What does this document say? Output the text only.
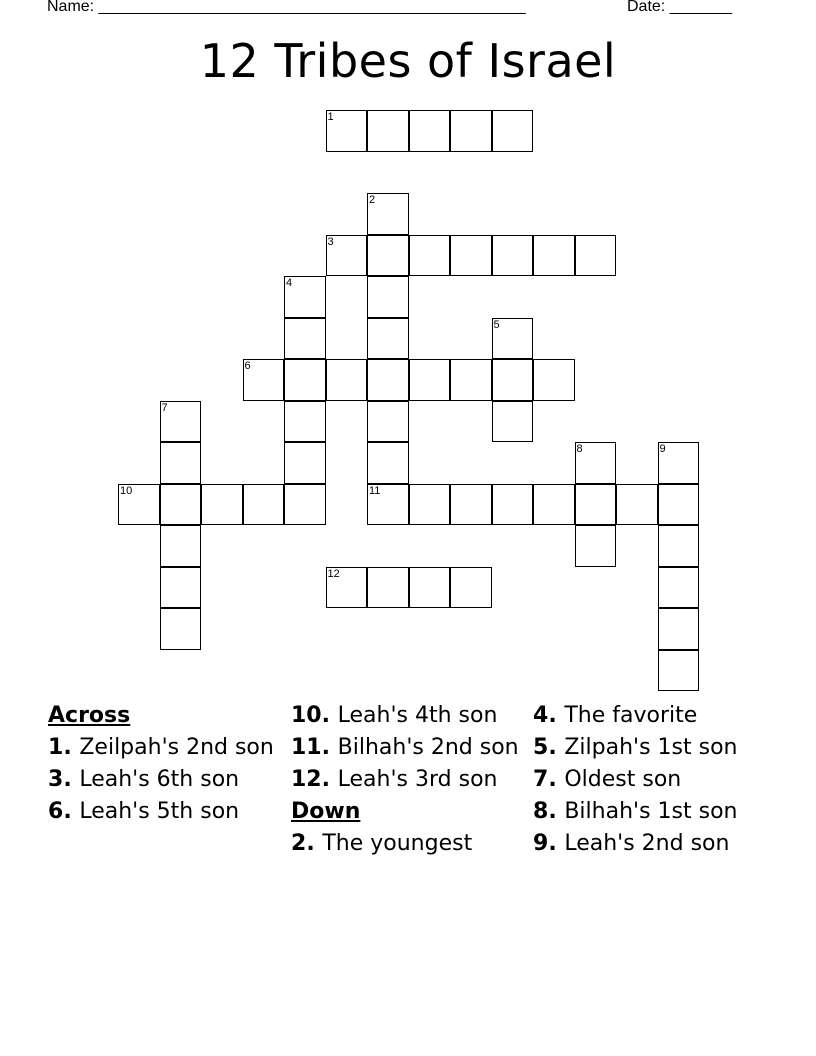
Name: ________________________________________________	Date: _______
12 Tribes of Israel
1
2
3
4
5
6
7
8	9
10	11
12
Across
1. Zeilpah's 2nd son
3. Leah's 6th son
6. Leah's 5th son
10. Leah's 4th son
11. Bilhah's 2nd son
12. Leah's 3rd son
Down
2. The youngest
4. The favorite
5. Zilpah's 1st son
7. Oldest son
8. Bilhah's 1st son
9. Leah's 2nd son
